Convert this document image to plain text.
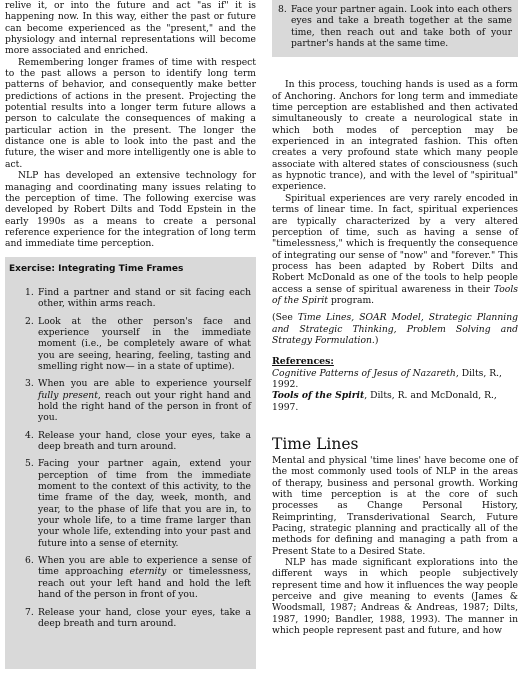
relive it, or into the future and act "as if" it is happening now. In this way, either the past or future can become experienced as the "present," and the physiology and internal representations will become more associated and enriched.

Remembering longer frames of time with respect to the past allows a person to identify long term patterns of behavior, and consequently make better predictions of actions in the present. Projecting the potential results into a longer term future allows a person to calculate the consequences of making a particular action in the present. The longer the distance one is able to look into the past and the future, the wiser and more intelligently one is able to act.

NLP has developed an extensive technology for managing and coordinating many issues relating to the perception of time. The following exercise was developed by Robert Dilts and Todd Epstein in the early 1990s as a means to create a personal reference experience for the integration of long term and immediate time perception.

Exercise: Integrating Time Frames
1. Find a partner and stand or sit facing each other, within arms reach.
2. Look at the other person's face and experience yourself in the immediate moment (i.e., be completely aware of what you are seeing, hearing, feeling, tasting and smelling right now— in a state of uptime).
3. When you are able to experience yourself fully present, reach out your right hand and hold the right hand of the person in front of you.
4. Release your hand, close your eyes, take a deep breath and turn around.
5. Facing your partner again, extend your perception of time from the immediate moment to the context of this activity, to the time frame of the day, week, month, and year, to the phase of life that you are in, to your whole life, to a time frame larger than your whole life, extending into your past and future into a sense of eternity.
6. When you are able to experience a sense of time approaching eternity or timelessness, reach out your left hand and hold the left hand of the person in front of you.
7. Release your hand, close your eyes, take a deep breath and turn around.
8. Face your partner again. Look into each others eyes and take a breath together at the same time, then reach out and take both of your partner's hands at the same time.

In this process, touching hands is used as a form of Anchoring. Anchors for long term and immediate time perception are established and then activated simultaneously to create a neurological state in which both modes of perception may be experienced in an integrated fashion. This often creates a very profound state which many people associate with altered states of consciousness (such as hypnotic trance), and with the level of "spiritual" experience.

Spiritual experiences are very rarely encoded in terms of linear time. In fact, spiritual experiences are typically characterized by a very altered perception of time, such as having a sense of "timelessness," which is frequently the consequence of integrating our sense of "now" and "forever." This process has been adapted by Robert Dilts and Robert McDonald as one of the tools to help people access a sense of spiritual awareness in their Tools of the Spirit program.

(See Time Lines, SOAR Model, Strategic Planning and Strategic Thinking, Problem Solving and Strategy Formulation.)

References:

Cognitive Patterns of Jesus of Nazareth, Dilts, R., 1992.

Tools of the Spirit, Dilts, R. and McDonald, R., 1997.

Time Lines

Mental and physical 'time lines' have become one of the most commonly used tools of NLP in the areas of therapy, business and personal growth. Working with time perception is at the core of such processes as Change Personal History, Reimprinting, Transderivational Search, Future Pacing, strategic planning and practically all of the methods for defining and managing a path from a Present State to a Desired State.

NLP has made significant explorations into the different ways in which people subjectively represent time and how it influences the way people perceive and give meaning to events (James & Woodsmall, 1987; Andreas & Andreas, 1987; Dilts, 1987, 1990; Bandler, 1988, 1993). The manner in which people represent past and future, and how
